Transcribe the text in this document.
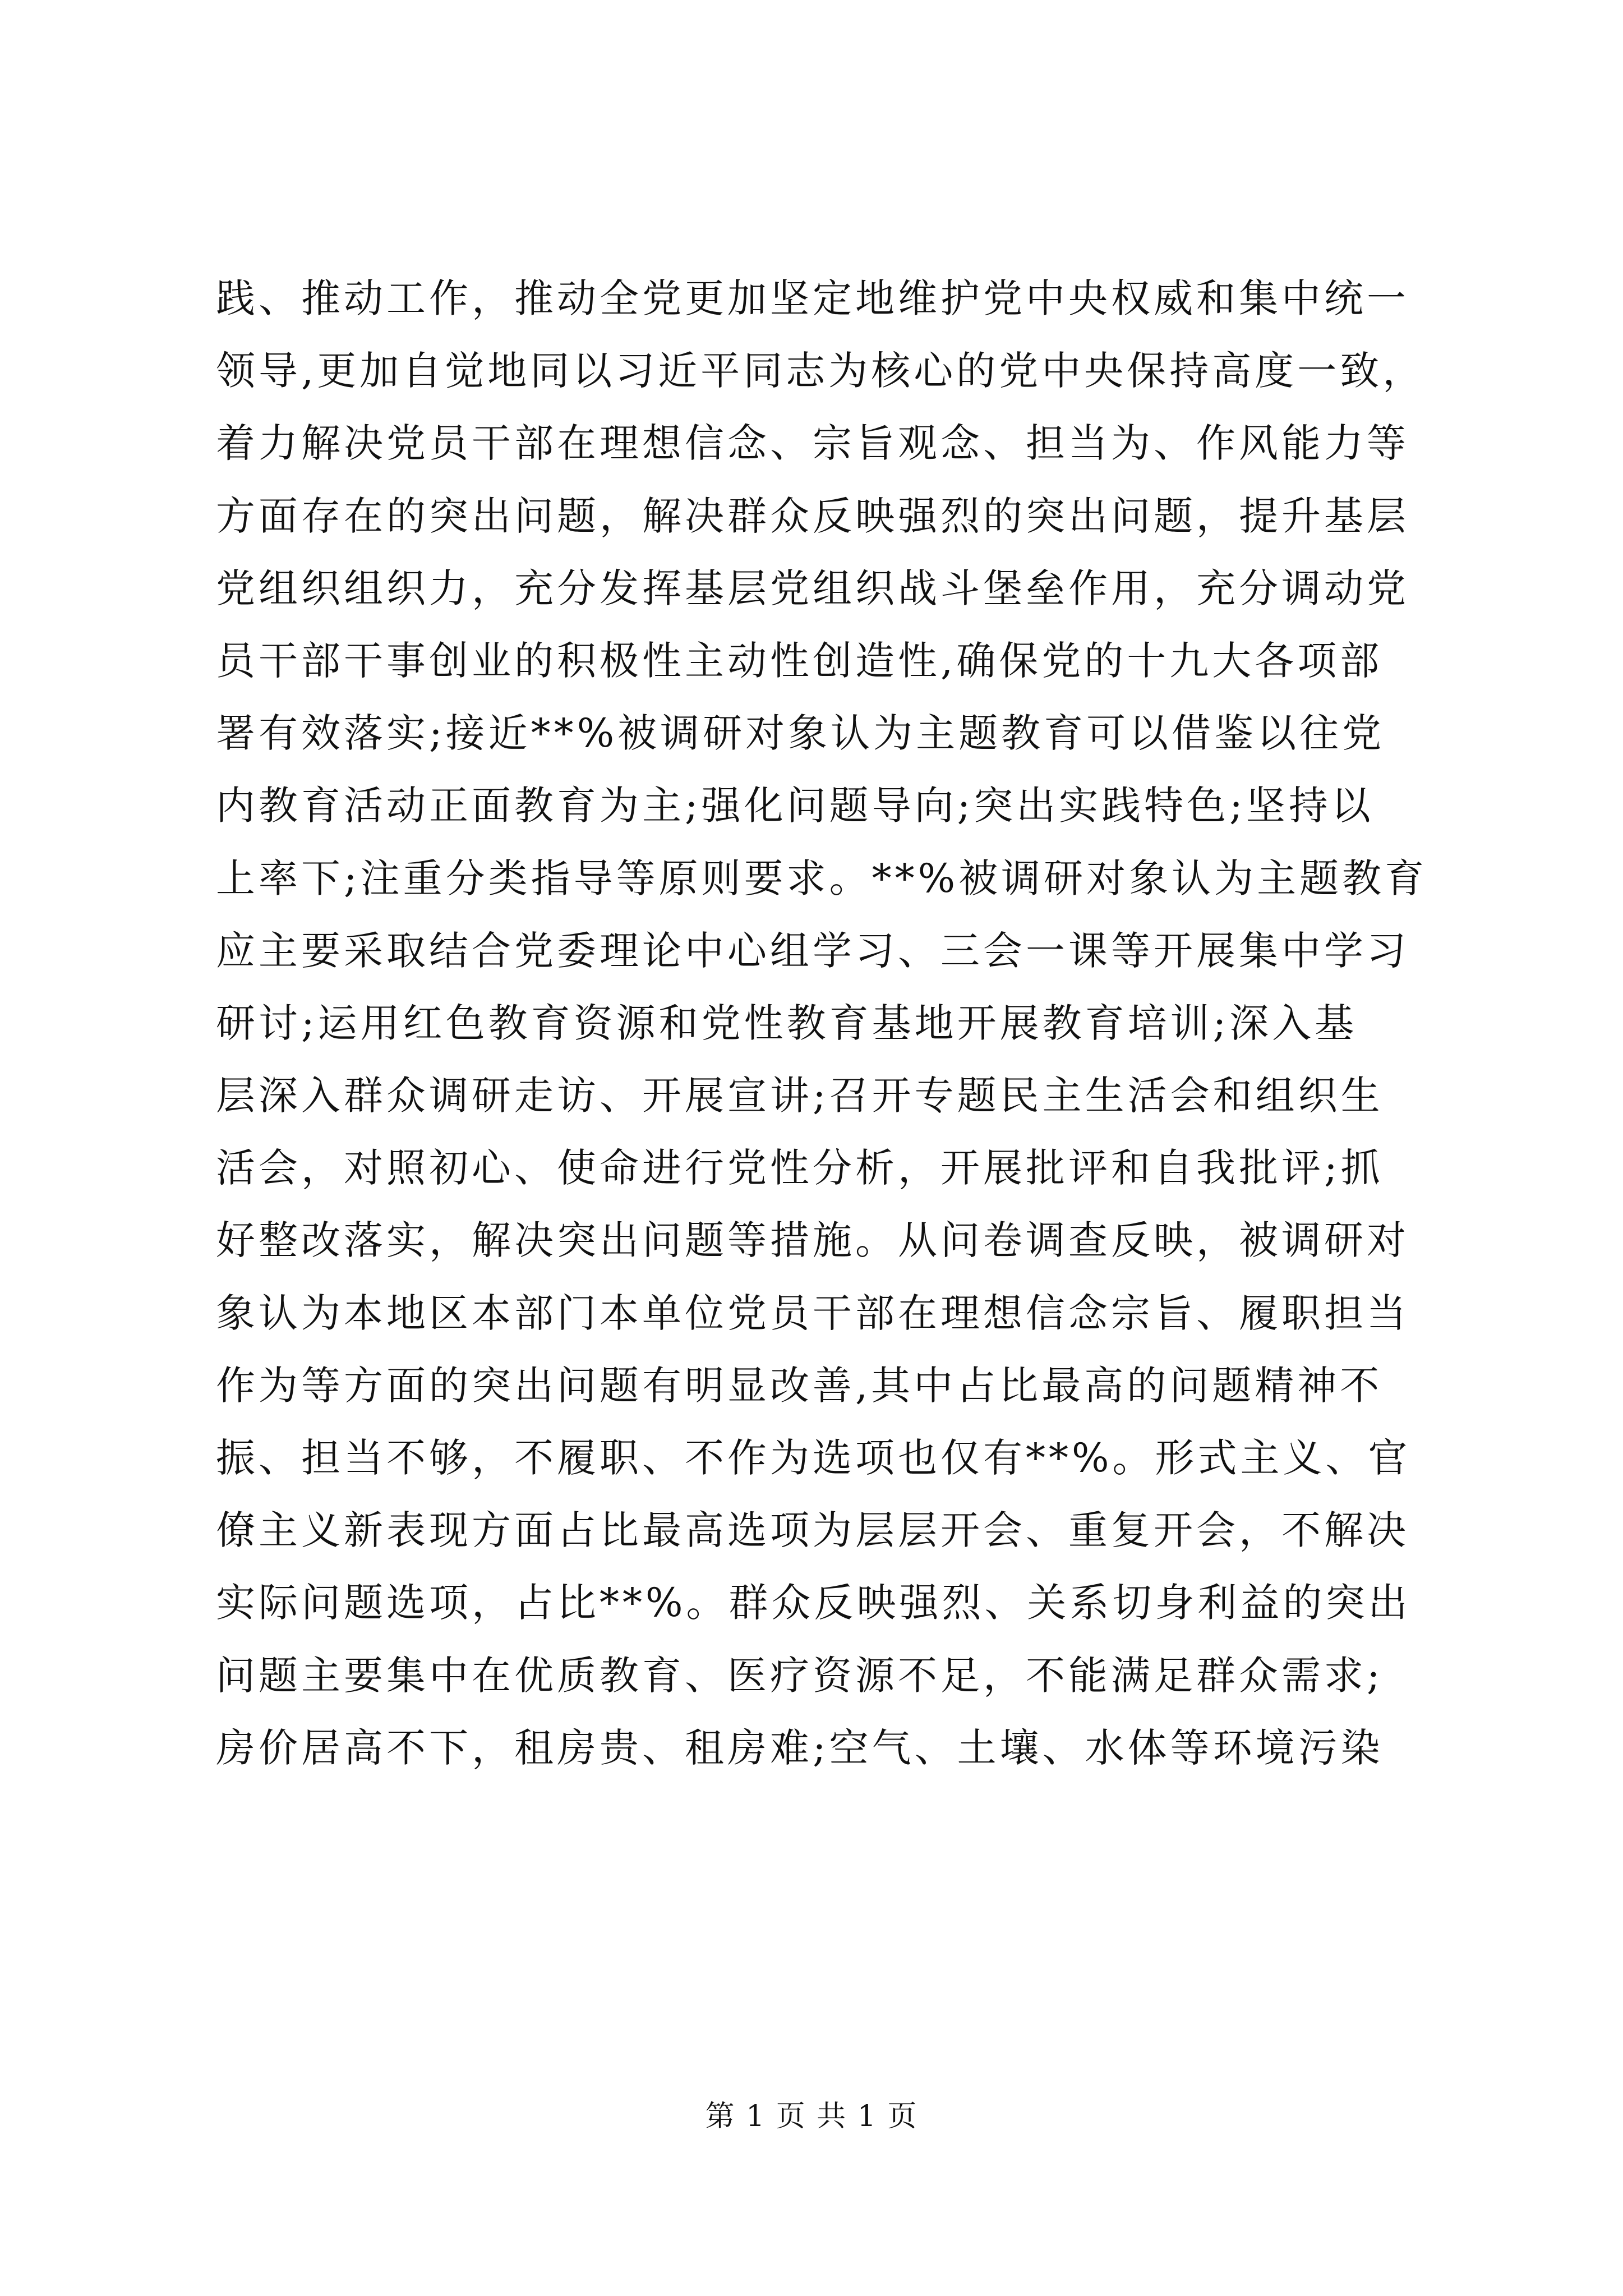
践、推动工作，推动全党更加坚定地维护党中央权威和集中统一
领导,更加自觉地同以习近平同志为核心的党中央保持高度一致，
着力解决党员干部在理想信念、宗旨观念、担当为、作风能力等
方面存在的突出问题，解决群众反映强烈的突出问题，提升基层
党组织组织力，充分发挥基层党组织战斗堡垒作用，充分调动党
员干部干事创业的积极性主动性创造性,确保党的十九大各项部
署有效落实;接近**%被调研对象认为主题教育可以借鉴以往党
内教育活动正面教育为主;强化问题导向;突出实践特色;坚持以
上率下;注重分类指导等原则要求。**%被调研对象认为主题教育
应主要采取结合党委理论中心组学习、三会一课等开展集中学习
研讨;运用红色教育资源和党性教育基地开展教育培训;深入基
层深入群众调研走访、开展宣讲;召开专题民主生活会和组织生
活会，对照初心、使命进行党性分析，开展批评和自我批评;抓
好整改落实，解决突出问题等措施。从问卷调查反映，被调研对
象认为本地区本部门本单位党员干部在理想信念宗旨、履职担当
作为等方面的突出问题有明显改善,其中占比最高的问题精神不
振、担当不够，不履职、不作为选项也仅有**%。形式主义、官
僚主义新表现方面占比最高选项为层层开会、重复开会，不解决
实际问题选项，占比**%。群众反映强烈、关系切身利益的突出
问题主要集中在优质教育、医疗资源不足，不能满足群众需求;
房价居高不下，租房贵、租房难;空气、土壤、水体等环境污染
第 1 页 共 1 页
